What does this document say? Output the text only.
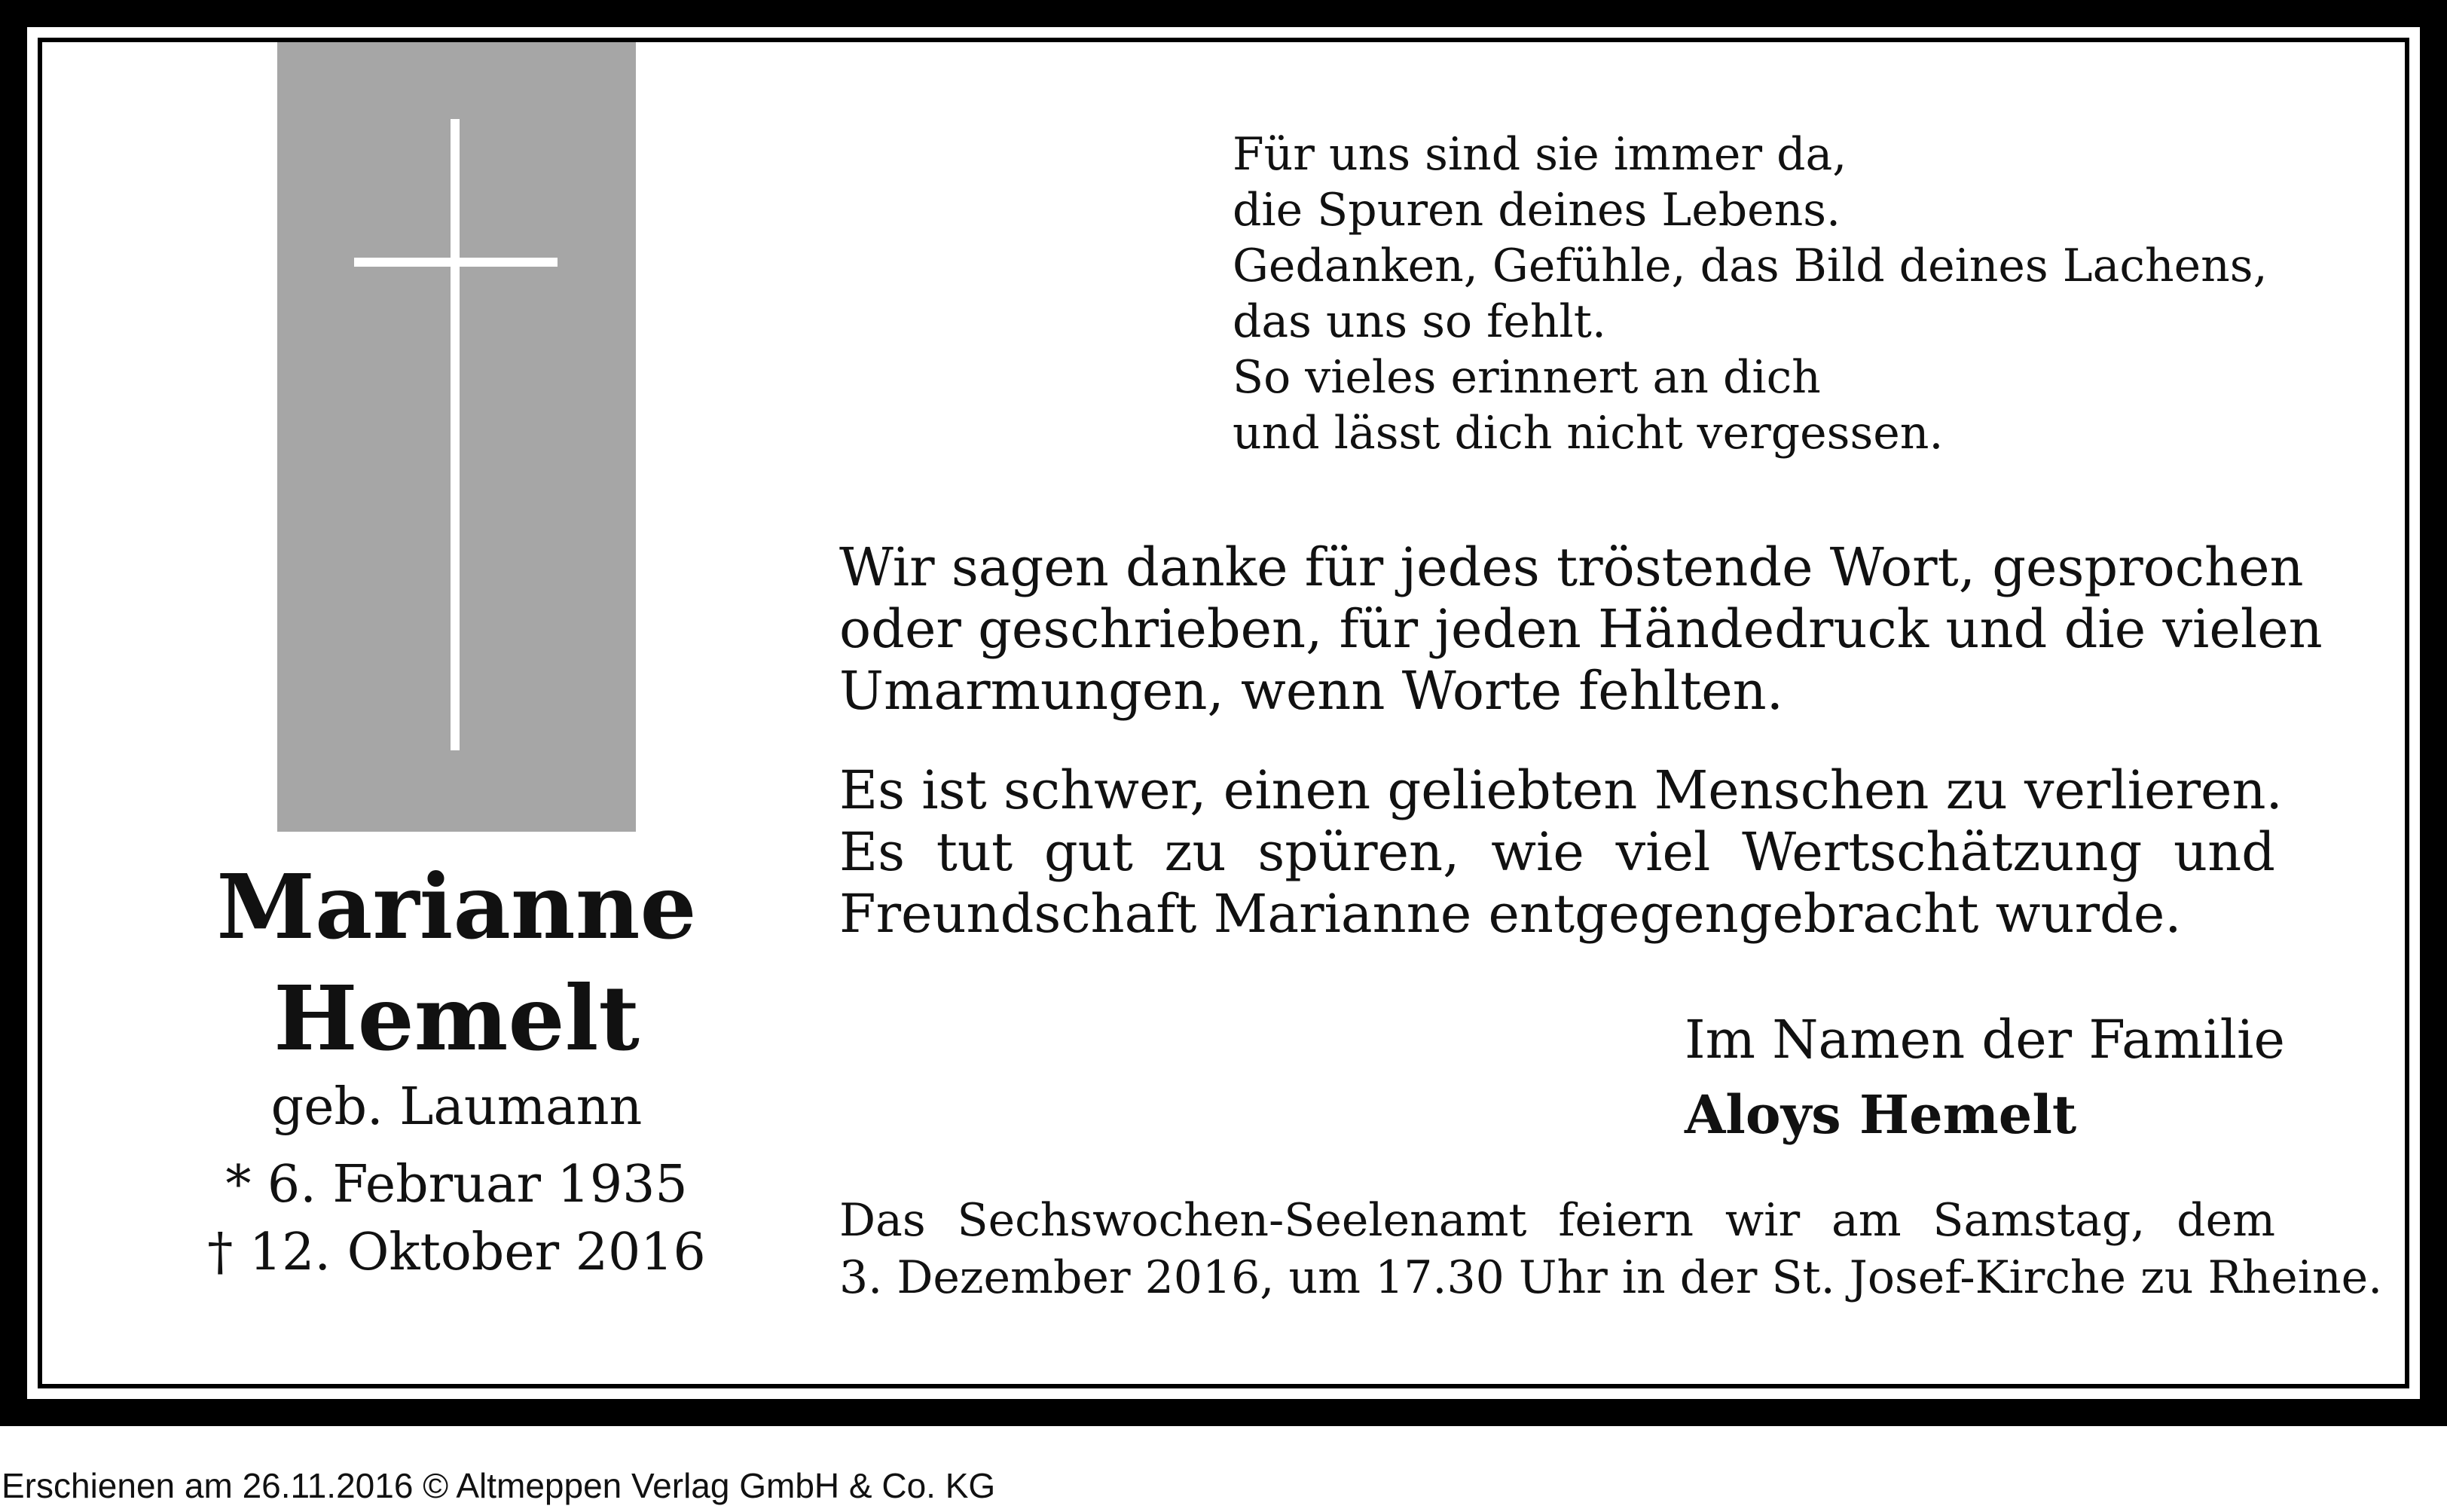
Marianne
Hemelt
geb. Laumann
* 6. Februar 1935
† 12. Oktober 2016
Für uns sind sie immer da,
die Spuren deines Lebens.
Gedanken, Gefühle, das Bild deines Lachens,
das uns so fehlt.
So vieles erinnert an dich
und lässt dich nicht vergessen.
Wir sagen danke für jedes tröstende Wort, gesprochen
oder geschrieben, für jeden Händedruck und die vielen
Umarmungen, wenn Worte fehlten.
Es ist schwer, einen geliebten Menschen zu verlieren.
Es tut gut zu spüren, wie viel Wertschätzung und
Freundschaft Marianne entgegengebracht wurde.
Im Namen der Familie
Aloys Hemelt
Das Sechswochen-Seelenamt feiern wir am Samstag, dem
3. Dezember 2016, um 17.30 Uhr in der St. Josef-Kirche zu Rheine.
Erschienen am 26.11.2016 © Altmeppen Verlag GmbH & Co. KG
